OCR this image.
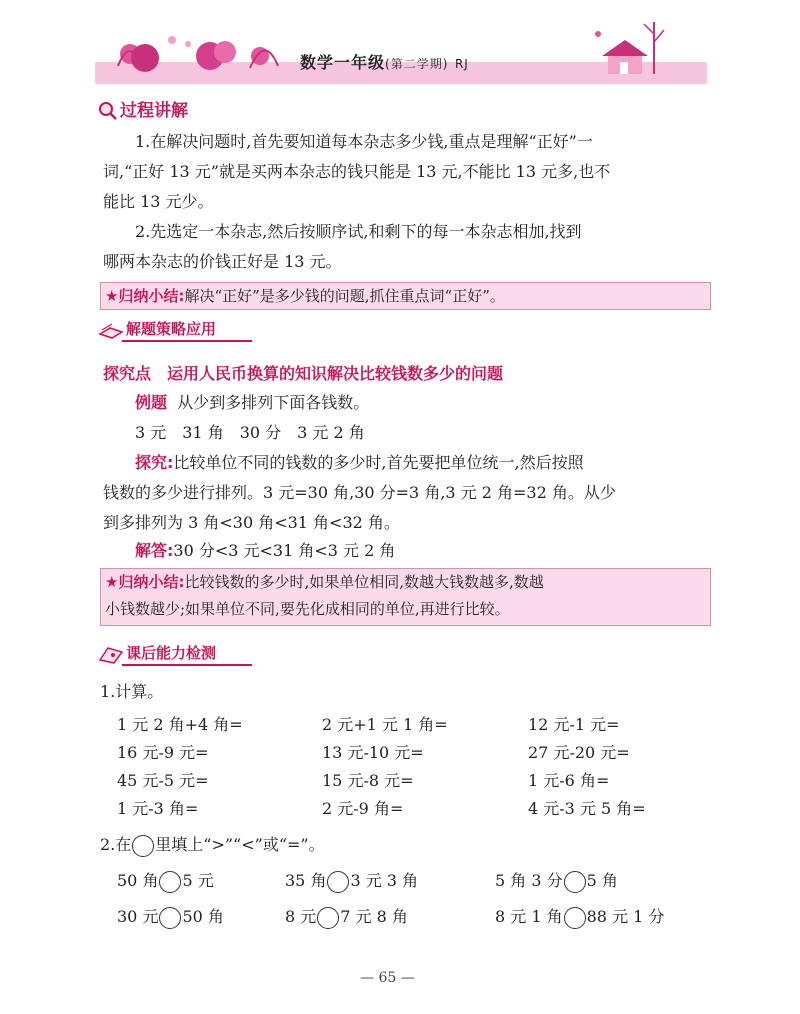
数学一年级(第二学期) RJ
过程讲解
1.在解决问题时,首先要知道每本杂志多少钱,重点是理解“正好”一
词,“正好 13 元”就是买两本杂志的钱只能是 13 元,不能比 13 元多,也不
能比 13 元少。
2.先选定一本杂志,然后按顺序试,和剩下的每一本杂志相加,找到
哪两本杂志的价钱正好是 13 元。
★归纳小结:解决“正好”是多少钱的问题,抓住重点词“正好”。
解题策略应用
探究点　运用人民币换算的知识解决比较钱数多少的问题
例题 从少到多排列下面各钱数。
3 元　31 角　30 分　3 元 2 角
探究:比较单位不同的钱数的多少时,首先要把单位统一,然后按照
钱数的多少进行排列。3 元=30 角,30 分=3 角,3 元 2 角=32 角。从少
到多排列为 3 角<30 角<31 角<32 角。
解答:30 分<3 元<31 角<3 元 2 角
★归纳小结:比较钱数的多少时,如果单位相同,数越大钱数越多,数越
小钱数越少;如果单位不同,要先化成相同的单位,再进行比较。
课后能力检测
1.计算。
1 元 2 角+4 角=	2 元+1 元 1 角=	12 元-1 元=
16 元-9 元=	13 元-10 元=	27 元-20 元=
45 元-5 元=	15 元-8 元=	1 元-6 角=
1 元-3 角=	2 元-9 角=	4 元-3 元 5 角=
2.在 里填上“>”“<”或“=”。
50 角 5 元	35 角 3 元 3 角	5 角 3 分 5 角
30 元 50 角	8 元 7 元 8 角	8 元 1 角 88 元 1 分
— 65 —
